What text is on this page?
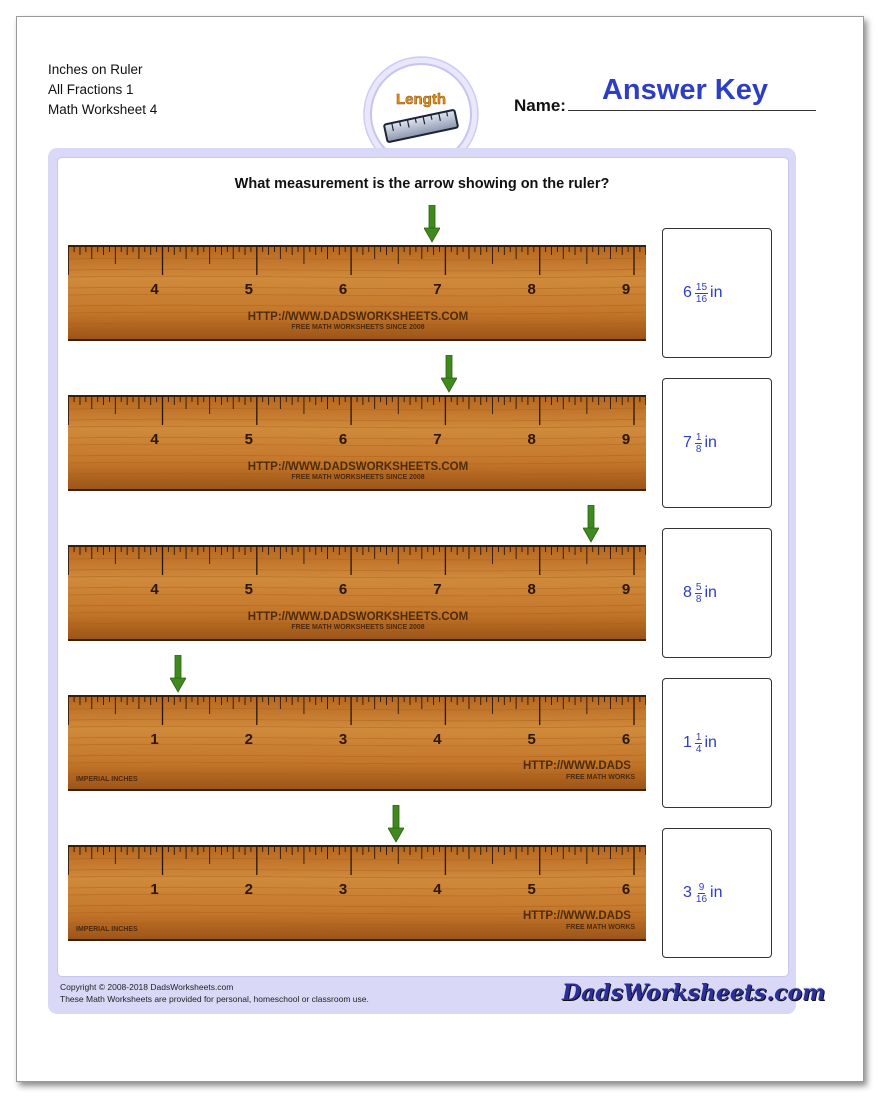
Inches on Ruler
All Fractions 1
Math Worksheet 4
Length	Name:	Answer Key
What measurement is the arrow showing on the ruler?
4	5	6	7	8	9
HTTP://WWW.DADSWORKSHEETS.COM
FREE MATH WORKSHEETS SINCE 2008
$6 \frac{15}{16}$ in
4	5	6	7	8	9
HTTP://WWW.DADSWORKSHEETS.COM
FREE MATH WORKSHEETS SINCE 2008
$7 \frac{1}{8}$ in
4	5	6	7	8	9
HTTP://WWW.DADSWORKSHEETS.COM
FREE MATH WORKSHEETS SINCE 2008
$8 \frac{5}{8}$ in
1	2	3	4	5	6
IMPERIAL INCHES
HTTP://WWW.DADS
FREE MATH WORKS
$1 \frac{1}{4}$ in
1	2	3	4	5	6
IMPERIAL INCHES
HTTP://WWW.DADS
FREE MATH WORKS
$3 \frac{9}{16}$ in
Copyright © 2008-2018 DadsWorksheets.com
These Math Worksheets are provided for personal, homeschool or classroom use.	DadsWorksheets.com
